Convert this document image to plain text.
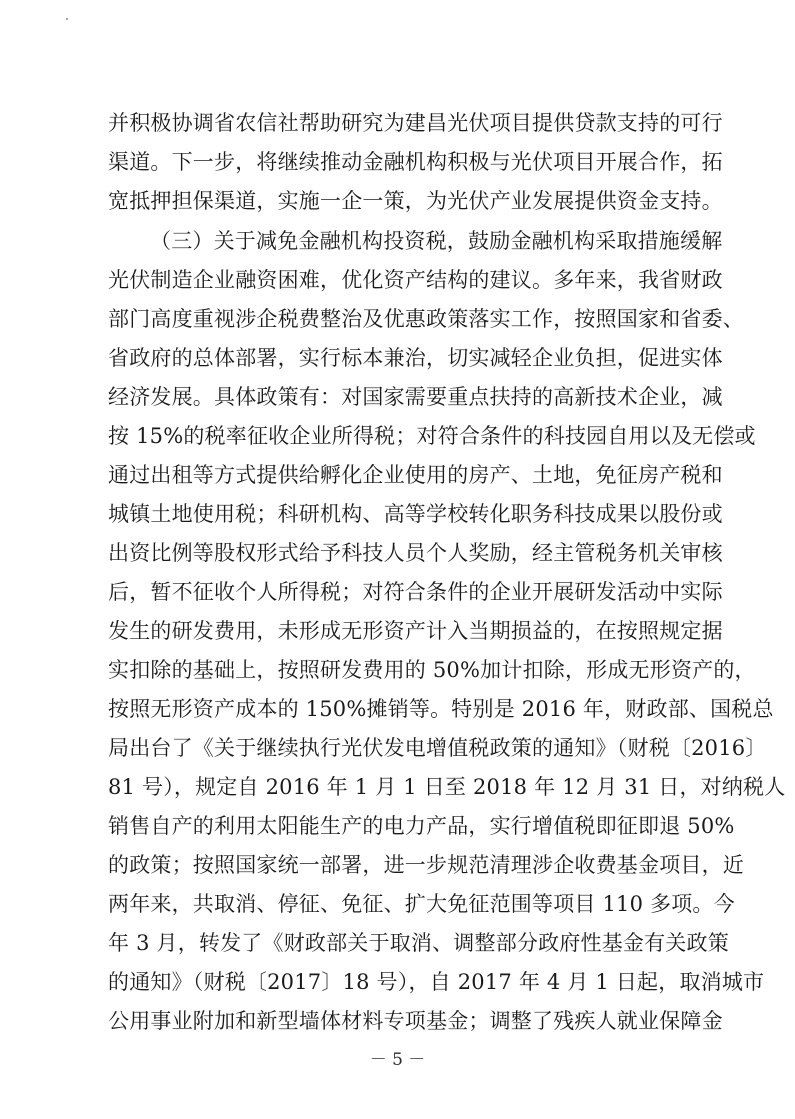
并积极协调省农信社帮助研究为建昌光伏项目提供贷款支持的可行
渠道。下一步，将继续推动金融机构积极与光伏项目开展合作，拓
宽抵押担保渠道，实施一企一策，为光伏产业发展提供资金支持。
（三）关于减免金融机构投资税，鼓励金融机构采取措施缓解
光伏制造企业融资困难，优化资产结构的建议。多年来，我省财政
部门高度重视涉企税费整治及优惠政策落实工作，按照国家和省委、
省政府的总体部署，实行标本兼治，切实减轻企业负担，促进实体
经济发展。具体政策有：对国家需要重点扶持的高新技术企业，减
按 15%的税率征收企业所得税；对符合条件的科技园自用以及无偿或
通过出租等方式提供给孵化企业使用的房产、土地，免征房产税和
城镇土地使用税；科研机构、高等学校转化职务科技成果以股份或
出资比例等股权形式给予科技人员个人奖励，经主管税务机关审核
后，暂不征收个人所得税；对符合条件的企业开展研发活动中实际
发生的研发费用，未形成无形资产计入当期损益的，在按照规定据
实扣除的基础上，按照研发费用的 50%加计扣除，形成无形资产的，
按照无形资产成本的 150%摊销等。特别是 2016 年，财政部、国税总
局出台了《关于继续执行光伏发电增值税政策的通知》（财税〔2016〕
81 号），规定自 2016 年 1 月 1 日至 2018 年 12 月 31 日，对纳税人
销售自产的利用太阳能生产的电力产品，实行增值税即征即退 50%
的政策；按照国家统一部署，进一步规范清理涉企收费基金项目，近
两年来，共取消、停征、免征、扩大免征范围等项目 110 多项。今
年 3 月，转发了《财政部关于取消、调整部分政府性基金有关政策
的通知》（财税〔2017〕18 号），自 2017 年 4 月 1 日起，取消城市
公用事业附加和新型墙体材料专项基金；调整了残疾人就业保障金
－ 5 －
